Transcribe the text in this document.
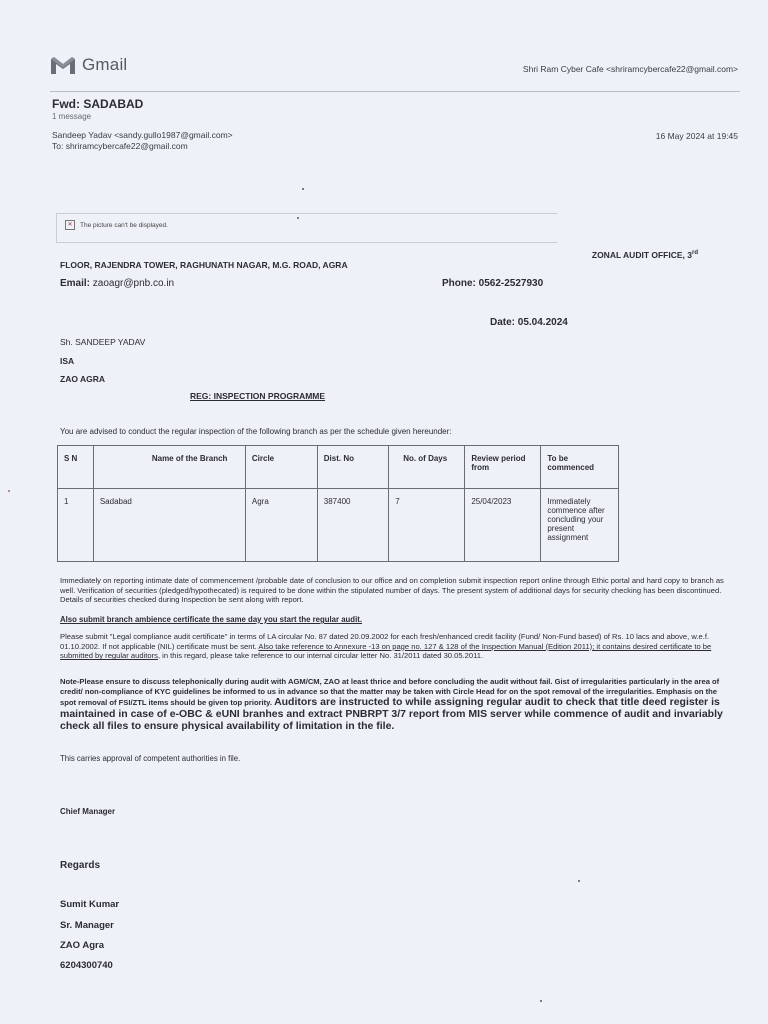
Gmail	Shri Ram Cyber Cafe <shriramcybercafe22@gmail.com>
Fwd: SADABAD
1 message
Sandeep Yadav <sandy.gullo1987@gmail.com>
To: shriramcybercafe22@gmail.com
16 May 2024 at 19:45
✕	The picture can't be displayed.
ZONAL AUDIT OFFICE, 3rd
FLOOR, RAJENDRA TOWER, RAGHUNATH NAGAR, M.G. ROAD, AGRA
Email: zaoagr@pnb.co.in	Phone: 0562-2527930
Date: 05.04.2024
Sh. SANDEEP YADAV
ISA
ZAO AGRA
REG: INSPECTION PROGRAMME
You are advised to conduct the regular inspection of the following branch as per the schedule given hereunder:
S N	Name of the Branch	Circle	Dist. No	No. of Days	Review period from	To be commenced
1	Sadabad	Agra	387400	7	25/04/2023	Immediately commence after concluding your present assignment
Immediately on reporting intimate date of commencement /probable date of conclusion to our office and on completion submit inspection report online through Ethic portal and hard copy to branch as well. Verification of securities (pledged/hypothecated) is required to be done within the stipulated number of days. The present system of additional days for security checking has been discontinued. Details of securities checked during Inspection be sent along with report.
Also submit branch ambience certificate the same day you start the regular audit.
Please submit "Legal compliance audit certificate" in terms of LA circular No. 87 dated 20.09.2002 for each fresh/enhanced credit facility (Fund/ Non-Fund based) of Rs. 10 lacs and above, w.e.f. 01.10.2002. If not applicable (NIL) certificate must be sent. Also take reference to Annexure -13 on page no. 127 & 128 of the Inspection Manual (Edition 2011); it contains desired certificate to be submitted by regular auditors, in this regard, please take reference to our internal circular letter No. 31/2011 dated 30.05.2011.
Note-Please ensure to discuss telephonically during audit with AGM/CM, ZAO at least thrice and before concluding the audit without fail. Gist of irregularities particularly in the area of credit/ non-compliance of KYC guidelines be informed to us in advance so that the matter may be taken with Circle Head for on the spot removal of the irregularities. Emphasis on the spot removal of FSI/ZTL items should be given top priority. Auditors are instructed to while assigning regular audit to check that title deed register is maintained in case of e-OBC & eUNI branhes and extract PNBRPT 3/7 report from MIS server while commence of audit and invariably check all files to ensure physical availability of limitation in the file.
This carries approval of competent authorities in file.
Chief Manager
Regards
Sumit Kumar
Sr. Manager
ZAO Agra
6204300740
